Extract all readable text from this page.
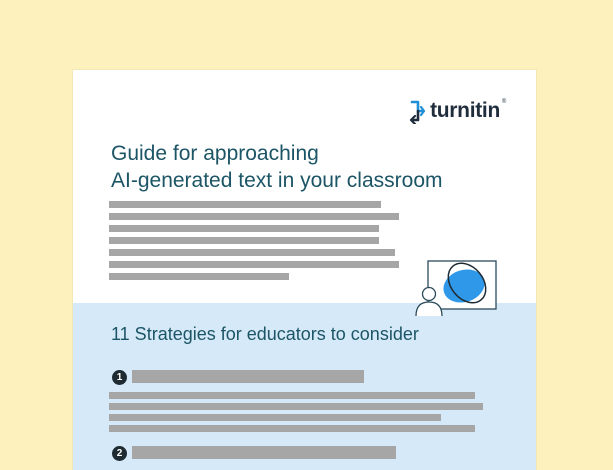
turnitin ®
Guide for approaching
AI-generated text in your classroom
11 Strategies for educators to consider
1
2
